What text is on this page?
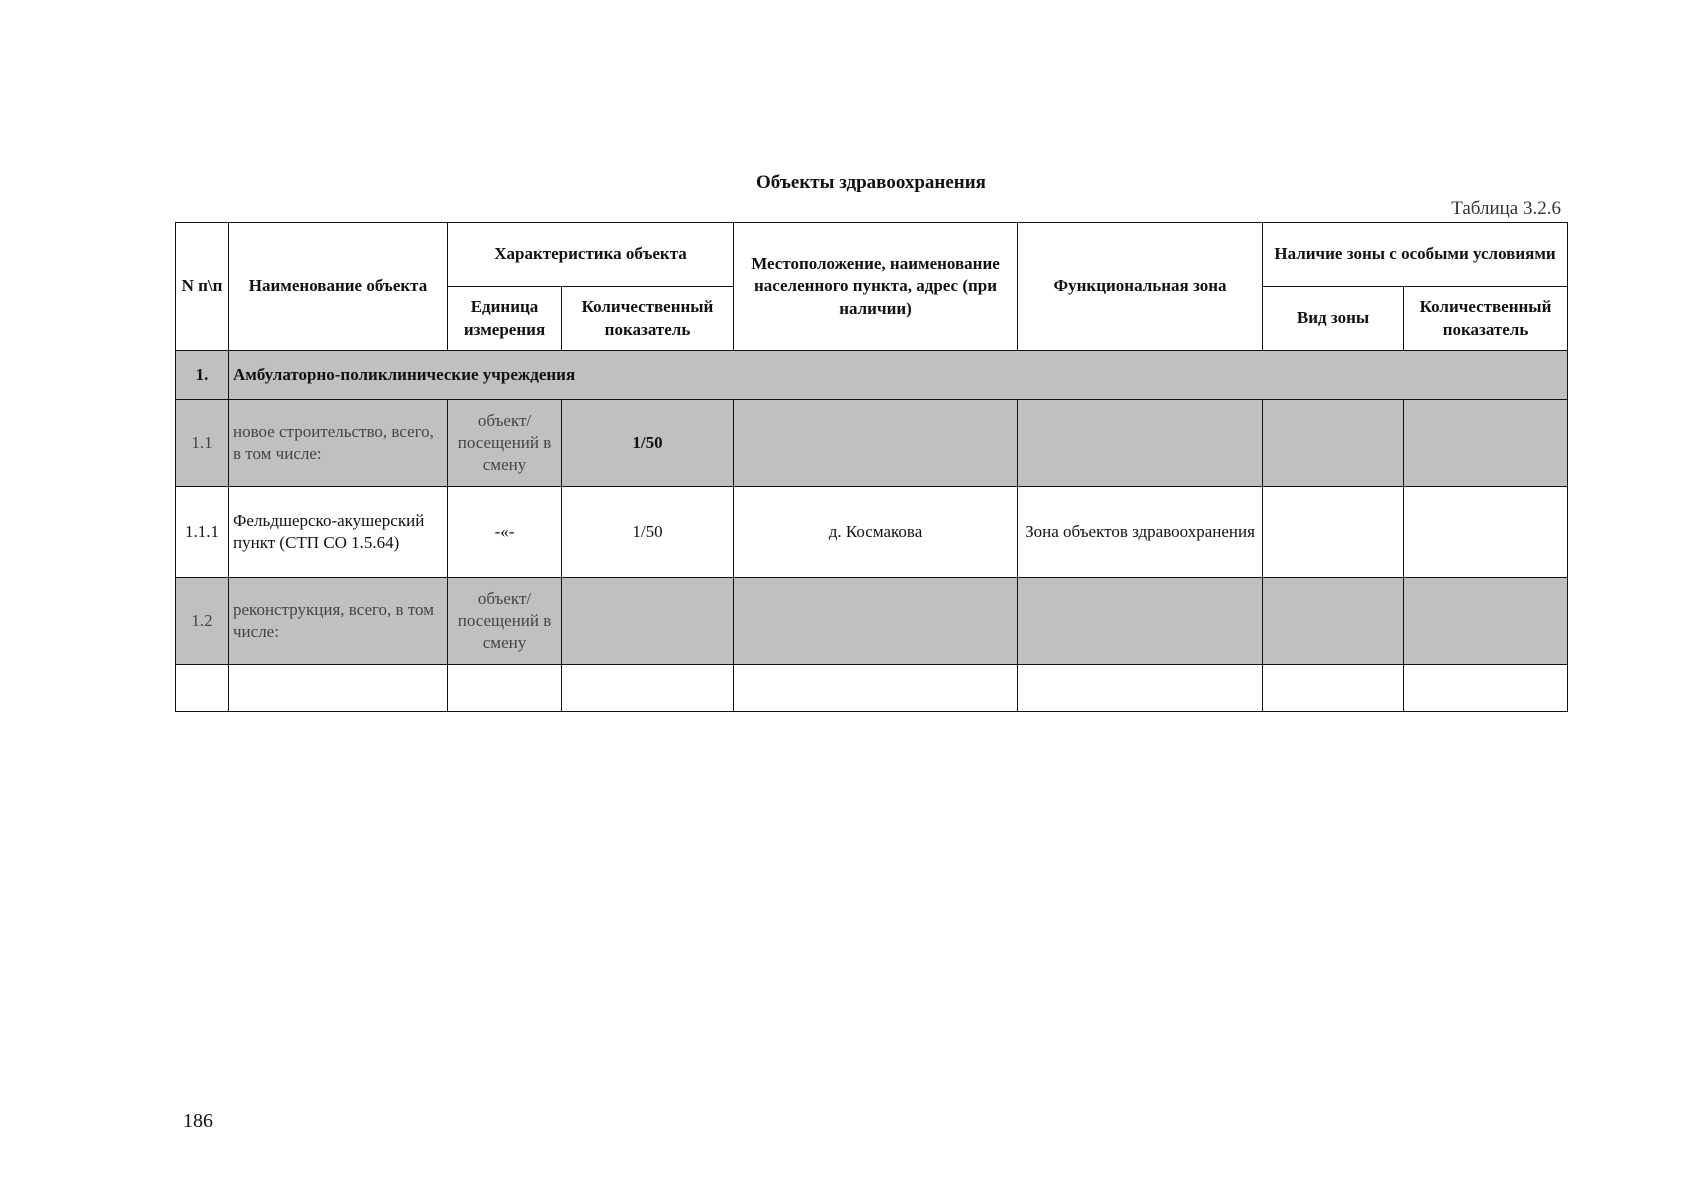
Объекты здравоохранения
Таблица 3.2.6
N п\п	Наименование объекта	Характеристика объекта		Местоположение, наименование населенного пункта, адрес (при наличии)	Функциональная зона	Наличие зоны с особыми условиями	
		Единица измерения	Количественный показатель			Вид зоны	Количественный показатель
1.	Амбулаторно-поликлинические учреждения						
1.1	новое строительство, всего, в том числе:	объект/ посещений в смену	1/50				
1.1.1	Фельдшерско-акушерский пункт (СТП СО 1.5.64)	-«-	1/50	д. Космакова	Зона объектов здравоохранения		
1.2	реконструкция, всего, в том числе:	объект/ посещений в смену					

186
